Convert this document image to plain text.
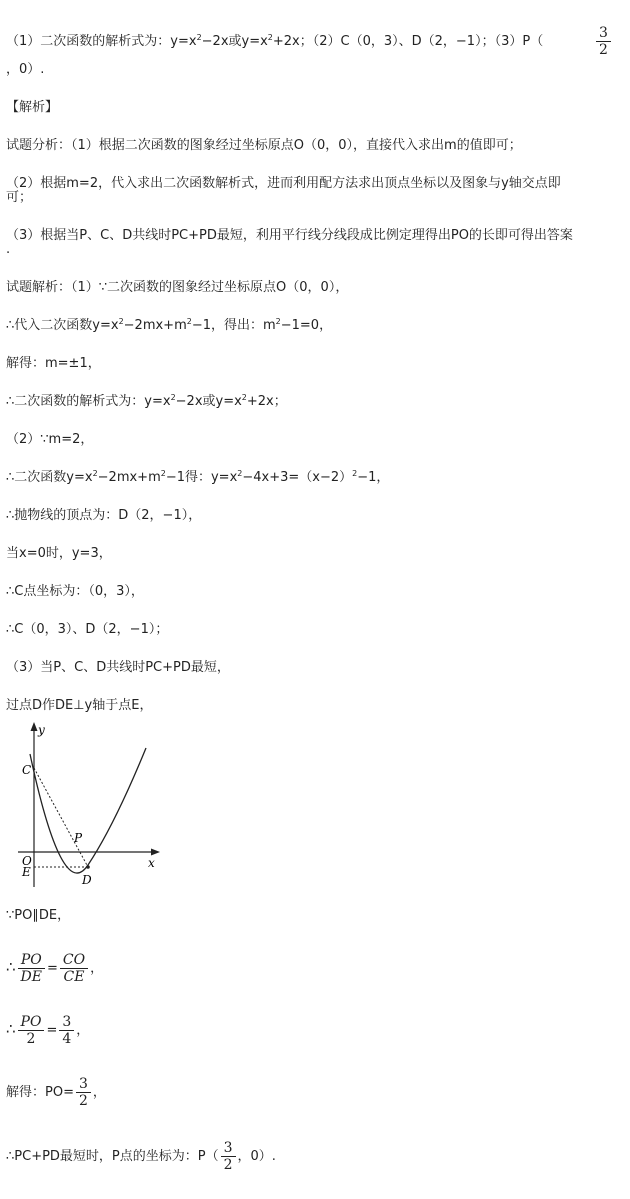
（1）二次函数的解析式为：$y=x^2-2x$或$y=x^2+2x$；（2）C（0，3）、D（2，−1）；（3）P（	$\frac{3}{2}$
，0）.
【解析】
试题分析：（1）根据二次函数的图象经过坐标原点O（0，0），直接代入求出m的值即可；
（2）根据m=2，代入求出二次函数解析式，进而利用配方法求出顶点坐标以及图象与y轴交点即
可；
（3）根据当P、C、D共线时PC+PD最短，利用平行线分线段成比例定理得出PO的长即可得出答案
.
试题解析：（1）∵二次函数的图象经过坐标原点O（0，0），
∴代入二次函数$y=x^2-2mx+m^2-1$，得出：$m^2-1=0$，
解得：m=±1，
∴二次函数的解析式为：$y=x^2-2x$或$y=x^2+2x$；
（2）∵m=2，
∴二次函数$y=x^2-2mx+m^2-1$得：$y=x^2-4x+3=(x-2)^2-1$，
∴抛物线的顶点为：D（2，−1），
当x=0时，y=3，
∴C点坐标为：（0，3），
∴C（0，3）、D（2，−1）；
（3）当P、C、D共线时PC+PD最短，
过点D作DE⊥y轴于点E，
y
x
C
P
O
E
D
∵PO∥DE，
∴ $\frac{PO}{DE} = \frac{CO}{CE}$ ，
∴ $\frac{PO}{2} = \frac{3}{4}$ ，
解得：$PO= \frac{3}{2}$ ，
∴PC+PD最短时，P点的坐标为：$P( \frac{3}{2}$ ，0）.
